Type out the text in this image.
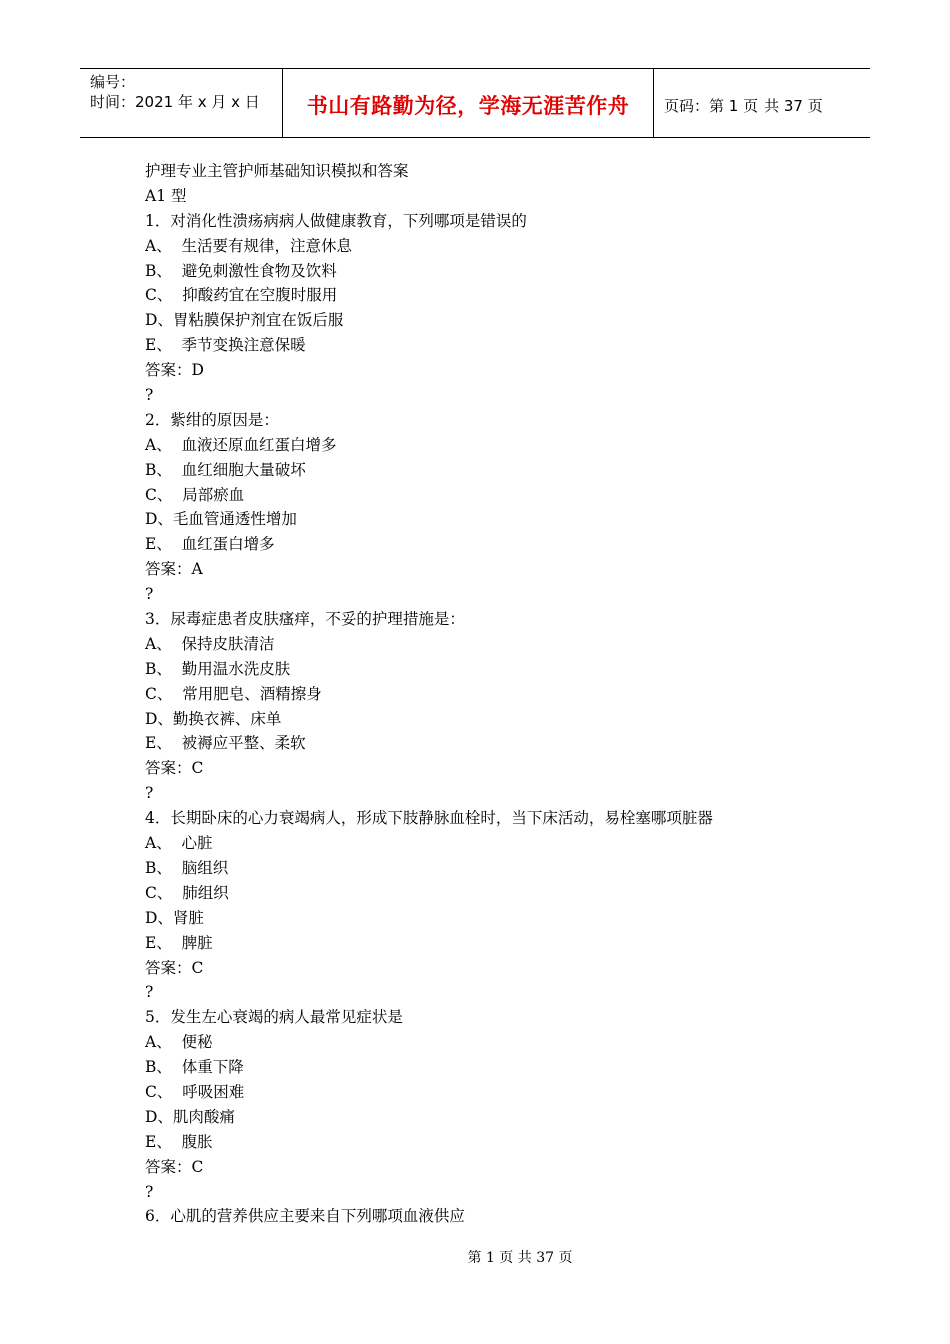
编号：
时间：2021 年 x 月 x 日	书山有路勤为径，学海无涯苦作舟 页码：第 1 页 共 37 页
护理专业主管护师基础知识模拟和答案
A1 型
1．对消化性溃疡病病人做健康教育，下列哪项是错误的
A、  生活要有规律，注意休息
B、  避免刺激性食物及饮料
C、  抑酸药宜在空腹时服用
D、胃粘膜保护剂宜在饭后服
E、  季节变换注意保暖
答案：D
?
2．紫绀的原因是：
A、  血液还原血红蛋白增多
B、  血红细胞大量破坏
C、  局部瘀血
D、毛血管通透性增加
E、  血红蛋白增多
答案：A
?
3．尿毒症患者皮肤瘙痒，不妥的护理措施是：
A、  保持皮肤清洁
B、  勤用温水洗皮肤
C、  常用肥皂、酒精擦身
D、勤换衣裤、床单
E、  被褥应平整、柔软
答案：C
?
4．长期卧床的心力衰竭病人，形成下肢静脉血栓时，当下床活动，易栓塞哪项脏器
A、  心脏
B、  脑组织
C、  肺组织
D、肾脏
E、  脾脏
答案：C
?
5．发生左心衰竭的病人最常见症状是
A、  便秘
B、  体重下降
C、  呼吸困难
D、肌肉酸痛
E、  腹胀
答案：C
?
6．心肌的营养供应主要来自下列哪项血液供应
第 1 页 共 37 页
